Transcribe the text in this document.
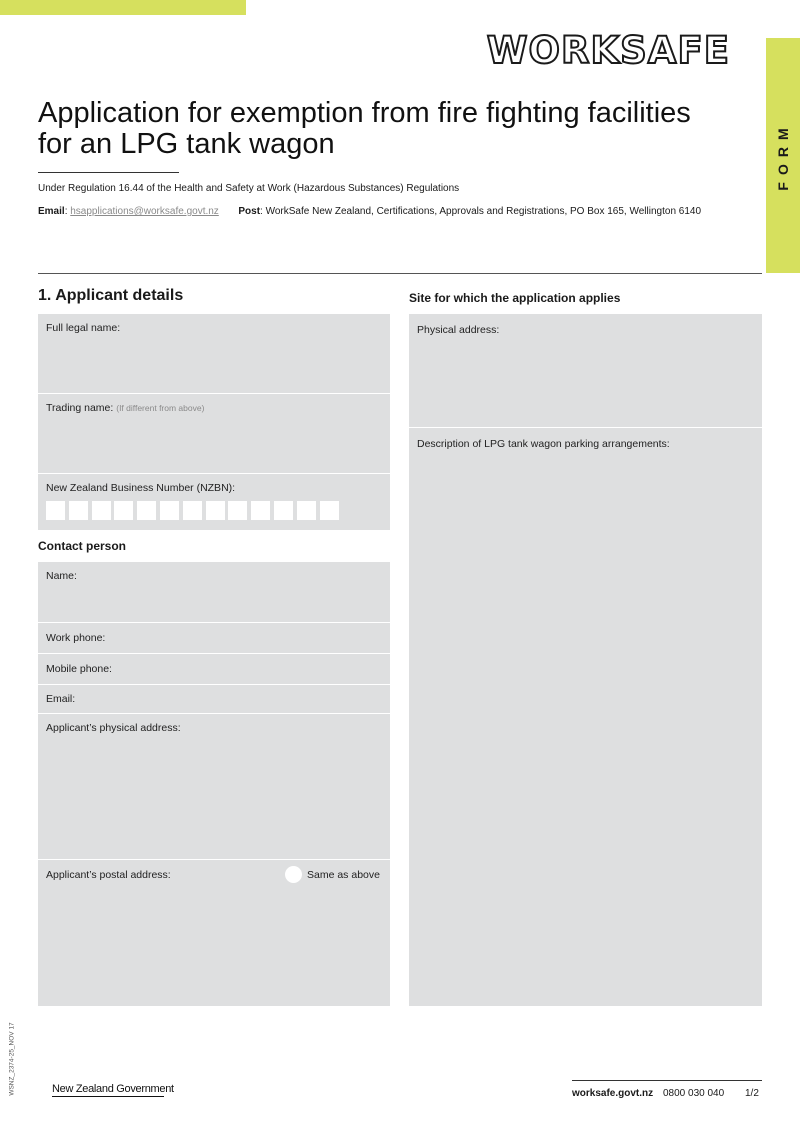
WORKSAFE
FORM
Application for exemption from fire fighting facilities for an LPG tank wagon
Under Regulation 16.44 of the Health and Safety at Work (Hazardous Substances) Regulations
Email: hsapplications@worksafe.govt.nz Post: WorkSafe New Zealand, Certifications, Approvals and Registrations, PO Box 165, Wellington 6140
1. Applicant details
Full legal name:
Trading name: (If different from above)
New Zealand Business Number (NZBN):
Contact person
Name:
Work phone:
Mobile phone:
Email:
Applicant’s physical address:
Applicant’s postal address:	Same as above
Site for which the application applies
Physical address:
Description of LPG tank wagon parking arrangements:
WSNZ_2374-25_NOV 17	New Zealand Government	worksafe.govt.nz 0800 030 040 1/2
